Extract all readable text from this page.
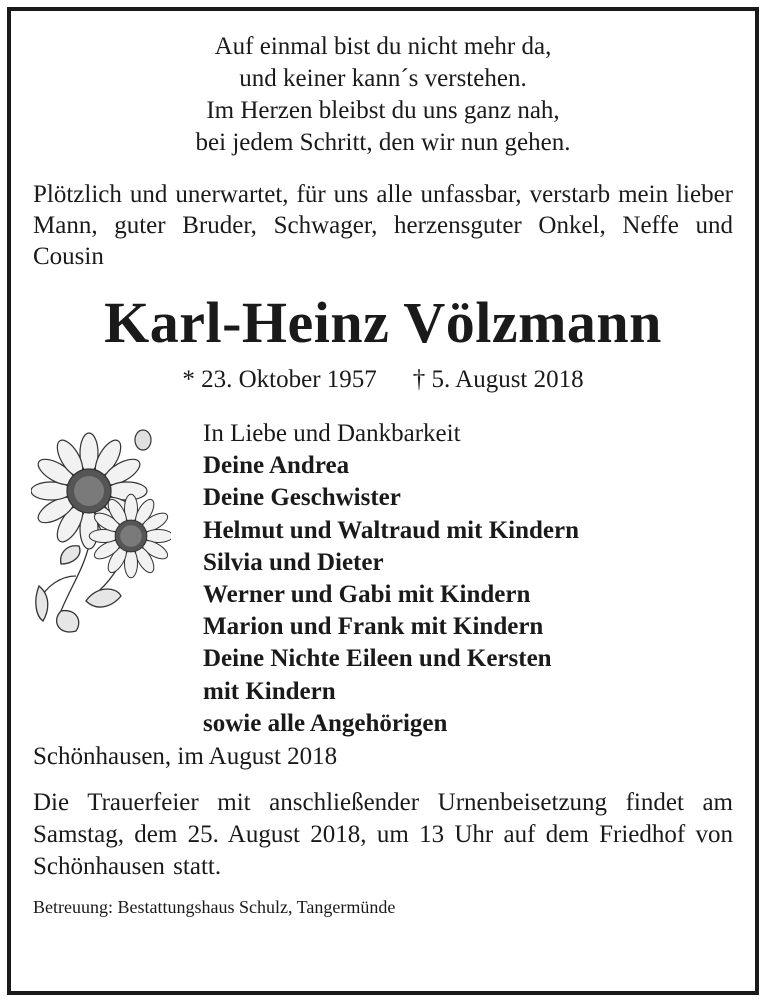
Auf einmal bist du nicht mehr da,
und keiner kann´s verstehen.
Im Herzen bleibst du uns ganz nah,
bei jedem Schritt, den wir nun gehen.
Plötzlich und unerwartet, für uns alle unfassbar, verstarb mein lieber Mann, guter Bruder, Schwager, herzensguter Onkel, Neffe und Cousin
Karl-Heinz Völzmann
* 23. Oktober 1957 † 5. August 2018
In Liebe und Dankbarkeit
Deine Andrea
Deine Geschwister
Helmut und Waltraud mit Kindern
Silvia und Dieter
Werner und Gabi mit Kindern
Marion und Frank mit Kindern
Deine Nichte Eileen und Kersten
mit Kindern
sowie alle Angehörigen
Schönhausen, im August 2018
Die Trauerfeier mit anschließender Urnenbeisetzung findet am Samstag, dem 25. August 2018, um 13 Uhr auf dem Friedhof von Schönhausen statt.
Betreuung: Bestattungshaus Schulz, Tangermünde
